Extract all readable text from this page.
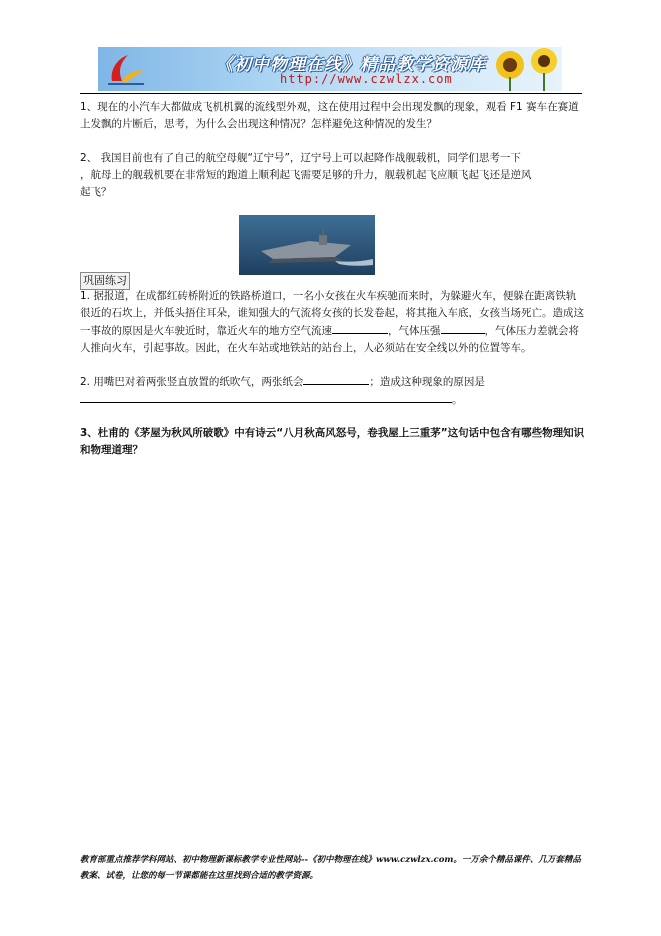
《初中物理在线》精品教学资源库
http://www.czwlzx.com
1、现在的小汽车大都做成飞机机翼的流线型外观，这在使用过程中会出现发飘的现象，观看 F1 赛车在赛道上发飘的片断后，思考，为什么会出现这种情况？怎样避免这种情况的发生？
2、 我国目前也有了自己的航空母舰“辽宁号”，辽宁号上可以起降作战舰载机，同学们思考一下
，航母上的舰载机要在非常短的跑道上顺利起飞需要足够的升力，舰载机起飞应顺飞起飞还是逆风
起飞？
巩固练习
1. 据报道，在成都红砖桥附近的铁路桥道口，一名小女孩在火车疾驰而来时，为躲避火车，便躲在距离铁轨很近的石坎上，并低头捂住耳朵，谁知强大的气流将女孩的长发卷起，将其拖入车底，女孩当场死亡。造成这一事故的原因是火车驶近时，靠近火车的地方空气流速	，气体压强	，气体压力差就会将人推向火车，引起事故。因此，在火车站或地铁站的站台上，人必须站在安全线以外的位置等车。
2. 用嘴巴对着两张竖直放置的纸吹气，两张纸会	；造成这种现象的原因是
。
3、杜甫的《茅屋为秋风所破歌》中有诗云“八月秋高风怒号，卷我屋上三重茅”这句话中包含有哪些物理知识和物理道理？
教育部重点推荐学科网站、初中物理新课标教学专业性网站--《初中物理在线》www.czwlzx.com。一万余个精品课件、几万套精品教案、试卷，让您的每一节课都能在这里找到合适的教学资源。
